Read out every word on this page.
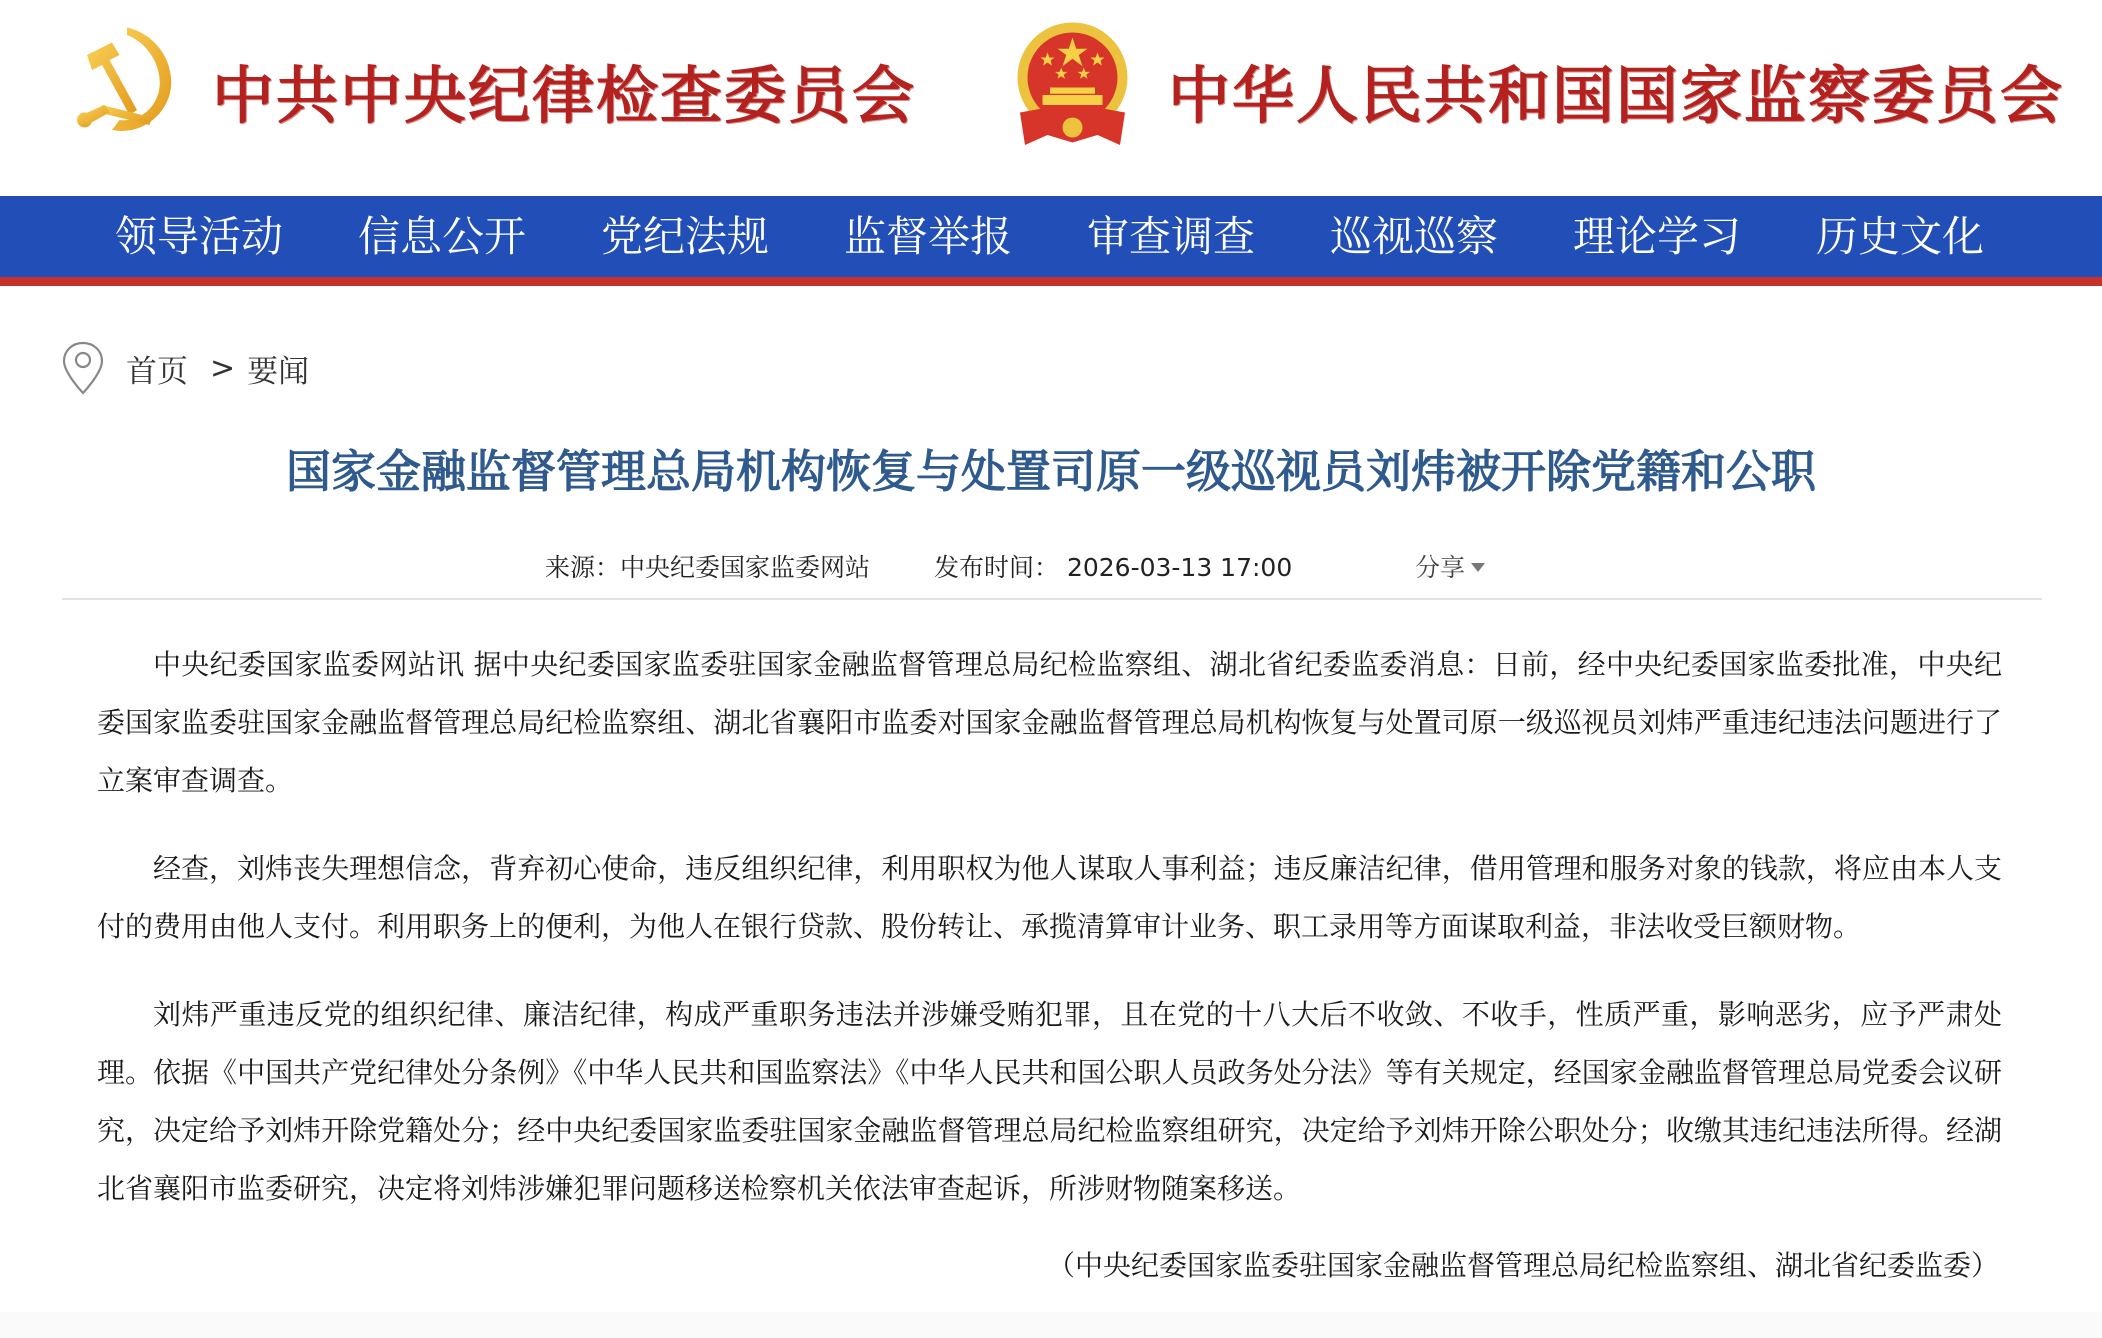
中共中央纪律检查委员会	中华人民共和国国家监察委员会
领导活动	信息公开	党纪法规	监督举报	审查调查	巡视巡察	理论学习	历史文化
首页 > 要闻
国家金融监督管理总局机构恢复与处置司原一级巡视员刘炜被开除党籍和公职
来源：中央纪委国家监委网站	发布时间： 2026-03-13 17:00	分享

中央纪委国家监委网站讯 据中央纪委国家监委驻国家金融监督管理总局纪检监察组、湖北省纪委监委消息：日前，经中央纪委国家监委批准，中央纪委国家监委驻国家金融监督管理总局纪检监察组、湖北省襄阳市监委对国家金融监督管理总局机构恢复与处置司原一级巡视员刘炜严重违纪违法问题进行了立案审查调查。

经查，刘炜丧失理想信念，背弃初心使命，违反组织纪律，利用职权为他人谋取人事利益；违反廉洁纪律，借用管理和服务对象的钱款，将应由本人支付的费用由他人支付。利用职务上的便利，为他人在银行贷款、股份转让、承揽清算审计业务、职工录用等方面谋取利益，非法收受巨额财物。

刘炜严重违反党的组织纪律、廉洁纪律，构成严重职务违法并涉嫌受贿犯罪，且在党的十八大后不收敛、不收手，性质严重，影响恶劣，应予严肃处理。依据《中国共产党纪律处分条例》《中华人民共和国监察法》《中华人民共和国公职人员政务处分法》等有关规定，经国家金融监督管理总局党委会议研究，决定给予刘炜开除党籍处分；经中央纪委国家监委驻国家金融监督管理总局纪检监察组研究，决定给予刘炜开除公职处分；收缴其违纪违法所得。经湖北省襄阳市监委研究，决定将刘炜涉嫌犯罪问题移送检察机关依法审查起诉，所涉财物随案移送。

（中央纪委国家监委驻国家金融监督管理总局纪检监察组、湖北省纪委监委）
